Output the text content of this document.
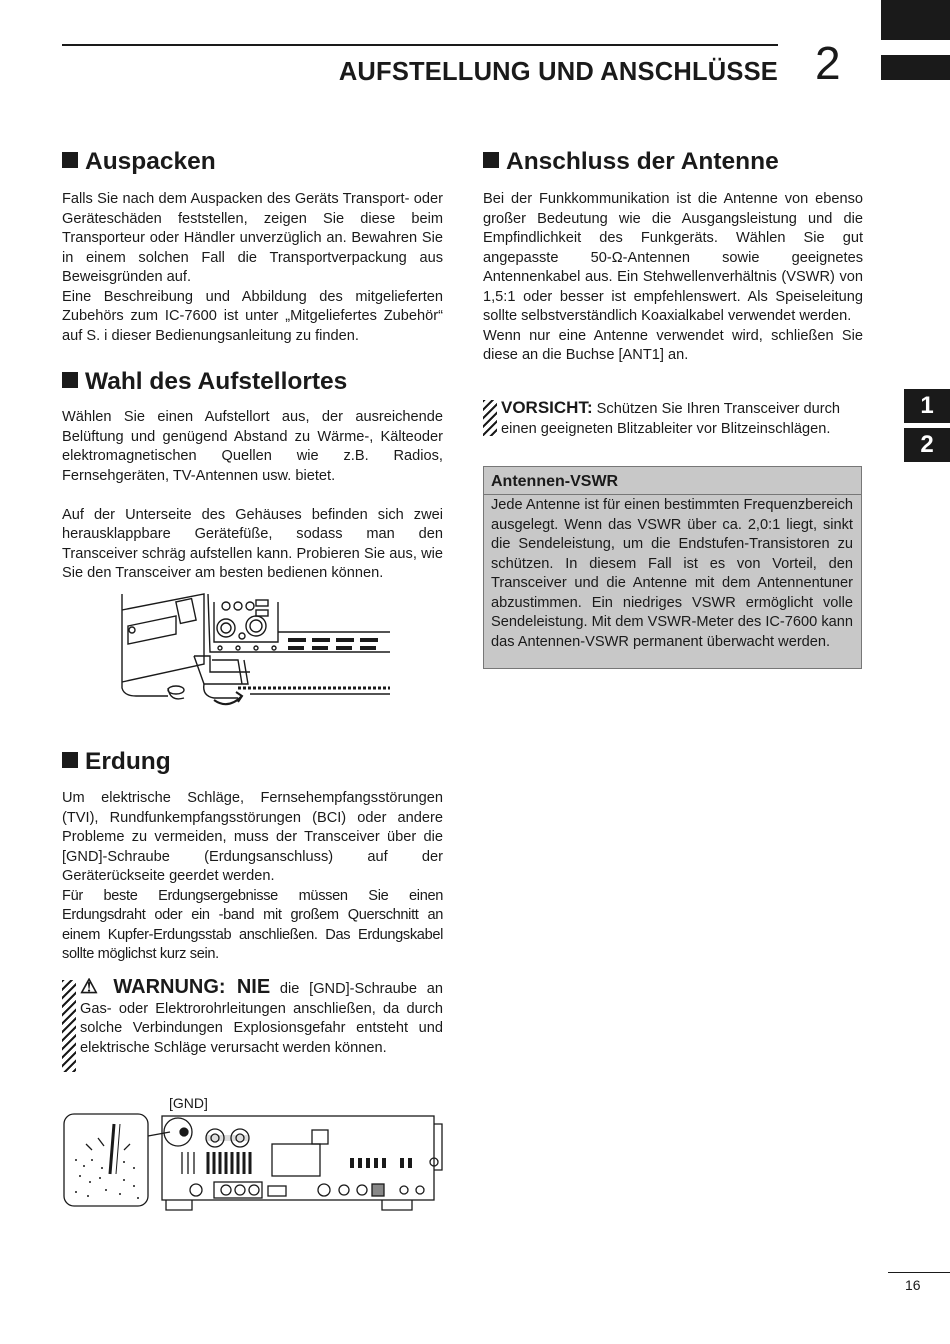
AUFSTELLUNG UND ANSCHLÜSSE 2
1
2
Auspacken

Falls Sie nach dem Auspacken des Geräts Transport- oder Geräteschäden feststellen, zeigen Sie diese beim Transporteur oder Händler unverzüglich an. Bewahren Sie in einem solchen Fall die Transportverpackung aus Beweisgründen auf.

Eine Beschreibung und Abbildung des mitgelieferten Zubehörs zum IC-7600 ist unter „Mitgeliefertes Zubehör“ auf S. i dieser Bedienungsanleitung zu finden.

Wahl des Aufstellortes

Wählen Sie einen Aufstellort aus, der ausreichende Belüftung und genügend Abstand zu Wärme-, Kälteoder elektromagnetischen Quellen wie z.B. Radios, Fernsehgeräten, TV-Antennen usw. bietet.

Auf der Unterseite des Gehäuses befinden sich zwei herausklappbare Gerätefüße, sodass man den Transceiver schräg aufstellen kann. Probieren Sie aus, wie Sie den Transceiver am besten bedienen können.

Erdung

Um elektrische Schläge, Fernsehempfangsstörungen (TVI), Rundfunkempfangsstörungen (BCI) oder andere Probleme zu vermeiden, muss der Transceiver über die [GND]-Schraube (Erdungsanschluss) auf der Geräterückseite geerdet werden.

Für beste Erdungsergebnisse müssen Sie einen Erdungsdraht oder ein -band mit großem Querschnitt an einem Kupfer-Erdungsstab anschließen. Das Erdungskabel sollte möglichst kurz sein.

⚠ WARNUNG: NIE die [GND]-Schraube an Gas- oder Elektrorohrleitungen anschließen, da durch solche Verbindungen Explosionsgefahr entsteht und elektrische Schläge verursacht werden können.
[GND]
Anschluss der Antenne

Bei der Funkkommunikation ist die Antenne von ebenso großer Bedeutung wie die Ausgangsleistung und die Empfindlichkeit des Funkgeräts. Wählen Sie gut angepasste 50-Ω-Antennen sowie geeignetes Antennenkabel aus. Ein Stehwellenverhältnis (VSWR) von 1,5:1 oder besser ist empfehlenswert. Als Speiseleitung sollte selbstverständlich Koaxialkabel verwendet werden.

Wenn nur eine Antenne verwendet wird, schließen Sie diese an die Buchse [ANT1] an.

VORSICHT: Schützen Sie Ihren Transceiver durch einen geeigneten Blitzableiter vor Blitzeinschlägen.
Antennen-VSWR
Jede Antenne ist für einen bestimmten Frequenzbereich ausgelegt. Wenn das VSWR über ca. 2,0:1 liegt, sinkt die Sendeleistung, um die Endstufen-Transistoren zu schützen. In diesem Fall ist es von Vorteil, den Transceiver und die Antenne mit dem Antennentuner abzustimmen. Ein niedriges VSWR ermöglicht volle Sendeleistung. Mit dem VSWR-Meter des IC-7600 kann das Antennen-VSWR permanent überwacht werden.
16
